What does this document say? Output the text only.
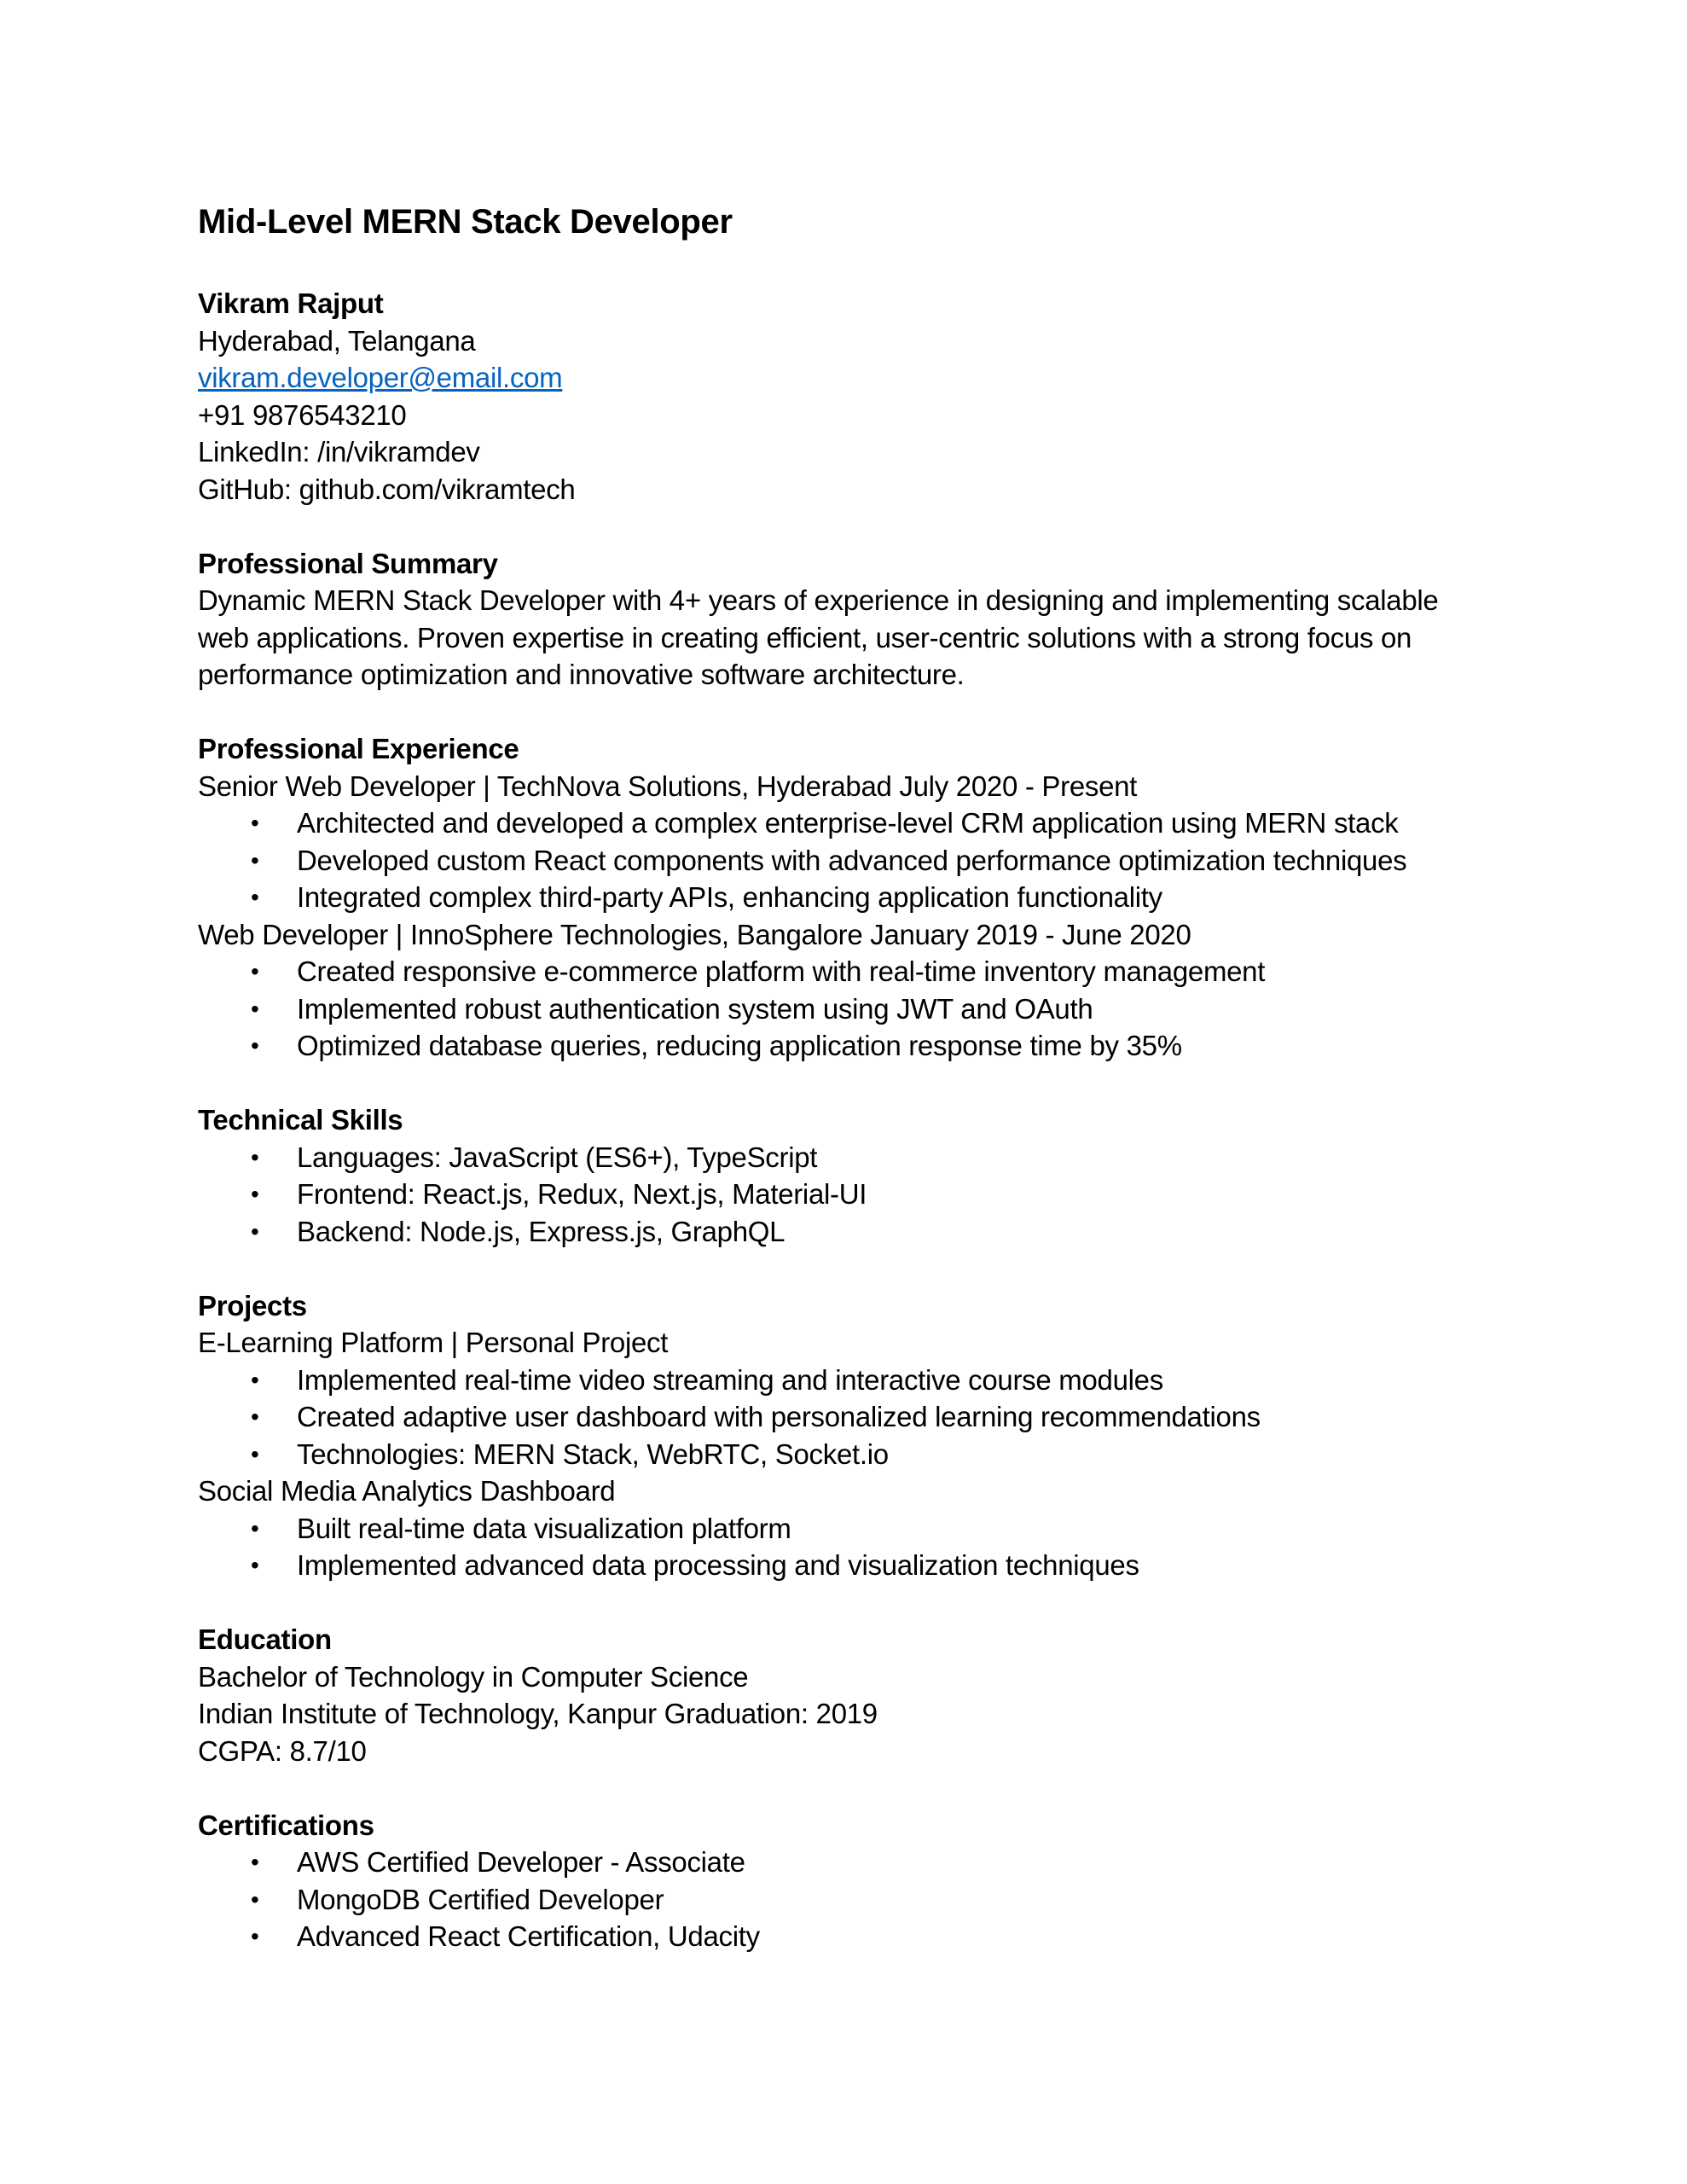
Mid-Level MERN Stack Developer

Vikram Rajput

Hyderabad, Telangana

vikram.developer@email.com

+91 9876543210

LinkedIn: /in/vikramdev

GitHub: github.com/vikramtech

Professional Summary

Dynamic MERN Stack Developer with 4+ years of experience in designing and implementing scalable

web applications. Proven expertise in creating efficient, user-centric solutions with a strong focus on

performance optimization and innovative software architecture.

Professional Experience

Senior Web Developer | TechNova Solutions, Hyderabad July 2020 - Present

• Architected and developed a complex enterprise-level CRM application using MERN stack
• Developed custom React components with advanced performance optimization techniques
• Integrated complex third-party APIs, enhancing application functionality

Web Developer | InnoSphere Technologies, Bangalore January 2019 - June 2020

• Created responsive e-commerce platform with real-time inventory management
• Implemented robust authentication system using JWT and OAuth
• Optimized database queries, reducing application response time by 35%

Technical Skills

• Languages: JavaScript (ES6+), TypeScript
• Frontend: React.js, Redux, Next.js, Material-UI
• Backend: Node.js, Express.js, GraphQL

Projects

E-Learning Platform | Personal Project

• Implemented real-time video streaming and interactive course modules
• Created adaptive user dashboard with personalized learning recommendations
• Technologies: MERN Stack, WebRTC, Socket.io

Social Media Analytics Dashboard

• Built real-time data visualization platform
• Implemented advanced data processing and visualization techniques

Education

Bachelor of Technology in Computer Science

Indian Institute of Technology, Kanpur Graduation: 2019

CGPA: 8.7/10

Certifications

• AWS Certified Developer - Associate
• MongoDB Certified Developer
• Advanced React Certification, Udacity
